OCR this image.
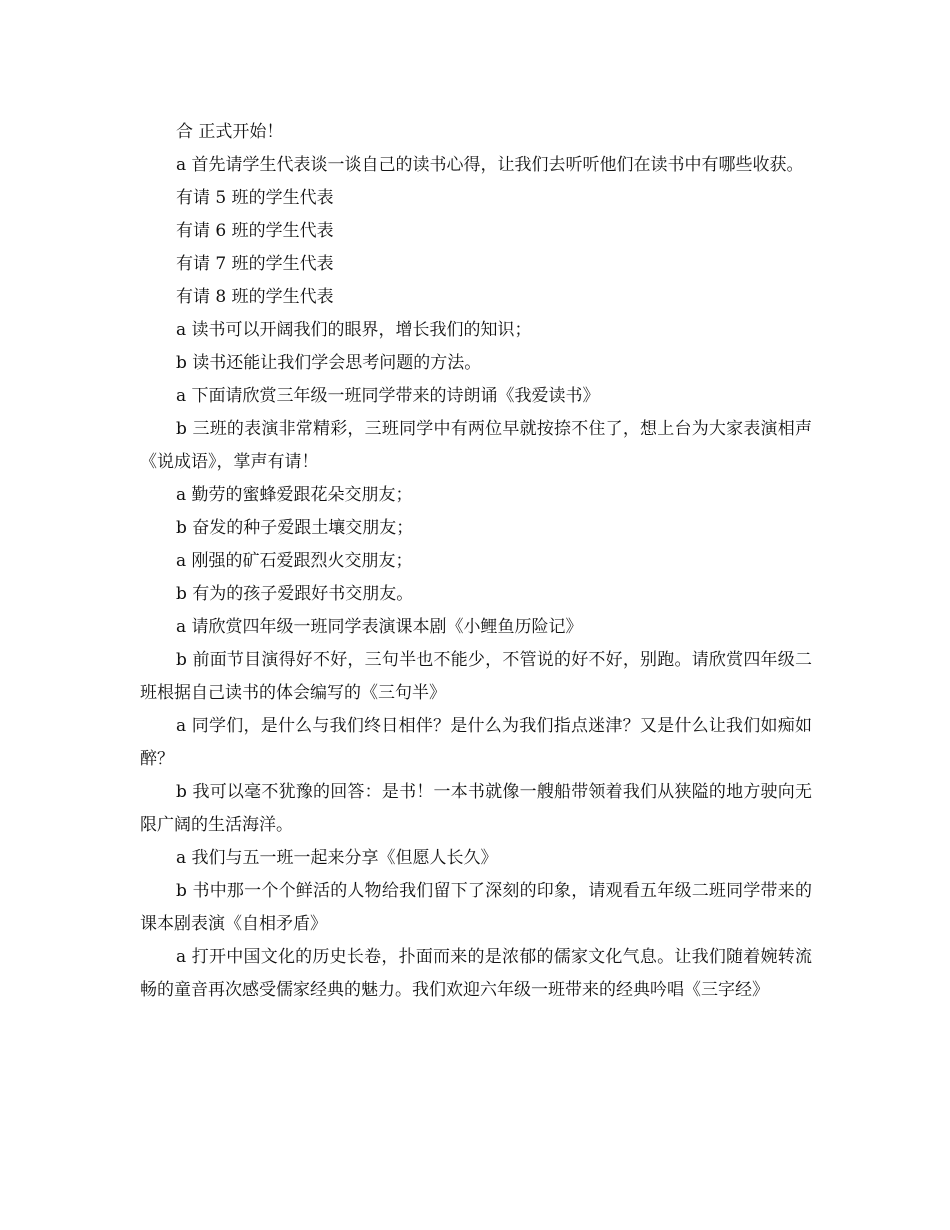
合 正式开始！

a 首先请学生代表谈一谈自己的读书心得，让我们去听听他们在读书中有哪些收获。

有请 5 班的学生代表

有请 6 班的学生代表

有请 7 班的学生代表

有请 8 班的学生代表

a 读书可以开阔我们的眼界，增长我们的知识；

b 读书还能让我们学会思考问题的方法。

a 下面请欣赏三年级一班同学带来的诗朗诵《我爱读书》

b 三班的表演非常精彩，三班同学中有两位早就按捺不住了，想上台为大家表演相声《说成语》，掌声有请！

a 勤劳的蜜蜂爱跟花朵交朋友；

b 奋发的种子爱跟土壤交朋友；

a 刚强的矿石爱跟烈火交朋友；

b 有为的孩子爱跟好书交朋友。

a 请欣赏四年级一班同学表演课本剧《小鲤鱼历险记》

b 前面节目演得好不好，三句半也不能少，不管说的好不好，别跑。请欣赏四年级二班根据自己读书的体会编写的《三句半》

a 同学们，是什么与我们终日相伴？是什么为我们指点迷津？又是什么让我们如痴如醉？

b 我可以毫不犹豫的回答：是书！一本书就像一艘船带领着我们从狭隘的地方驶向无限广阔的生活海洋。

a 我们与五一班一起来分享《但愿人长久》

b 书中那一个个鲜活的人物给我们留下了深刻的印象，请观看五年级二班同学带来的课本剧表演《自相矛盾》

a 打开中国文化的历史长卷，扑面而来的是浓郁的儒家文化气息。让我们随着婉转流畅的童音再次感受儒家经典的魅力。我们欢迎六年级一班带来的经典吟唱《三字经》
